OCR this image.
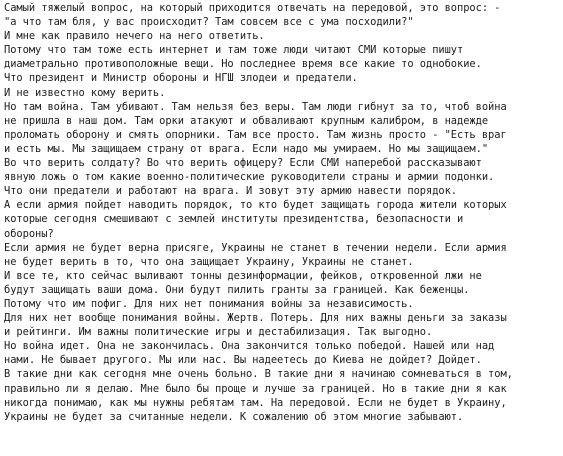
Самый тяжелый вопрос, на который приходится отвечать на передовой, это вопрос: -
"а что там бля, у вас происходит? Там совсем все с ума посходили?"
И мне как правило нечего на него ответить.
Потому что там тоже есть интернет и там тоже люди читают СМИ которые пишут
диаметрально противоположные вещи. Но последнее время все какие то однобокие.
Что президент и Министр обороны и НГШ злодеи и предатели.
И не известно кому верить.
Но там война. Там убивают. Там нельзя без веры. Там люди гибнут за то, чтоб война
не пришла в наш дом. Там орки атакуют и обваливают крупным калибром, в надежде
проломать оборону и смять опорники. Там все просто. Там жизнь просто - "Есть враг
и есть мы. Мы защищаем страну от врага. Если надо мы умираем. Но мы защищаем."
Во что верить солдату? Во что верить офицеру? Если СМИ наперебой рассказывают
явную ложь о том какие военно-политические руководители страны и армии подонки.
Что они предатели и работают на врага. И зовут эту армию навести порядок.
А если армия пойдет наводить порядок, то кто будет защищать города жители которых
которые сегодня смешивают с землей институты президентства, безопасности и
обороны?
Если армия не будет верна присяге, Украины не станет в течении недели. Если армия
не будет верить в то, что она защищает Украину, Украины не станет.
И все те, кто сейчас выливают тонны дезинформации, фейков, откровенной лжи не
будут защищать ваши дома. Они будут пилить гранты за границей. Как беженцы.
Потому что им пофиг. Для них нет понимания войны за независимость.
Для них нет вообще понимания войны. Жертв. Потерь. Для них важны деньги за заказы
и рейтинги. Им важны политические игры и дестабилизация. Так выгодно.
Но война идет. Она не закончилась. Она закончится только победой. Нашей или над
нами. Не бывает другого. Мы или нас. Вы надеетесь до Киева не дойдет? Дойдет.
В такие дни как сегодня мне очень больно. В такие дни я начинаю сомневаться в том,
правильно ли я делаю. Мне было бы проще и лучше за границей. Но в такие дни я как
никогда понимаю, как мы нужны ребятам там. На передовой. Если не будет в Украину,
Украины не будет за считанные недели. К сожалению об этом многие забывают.
